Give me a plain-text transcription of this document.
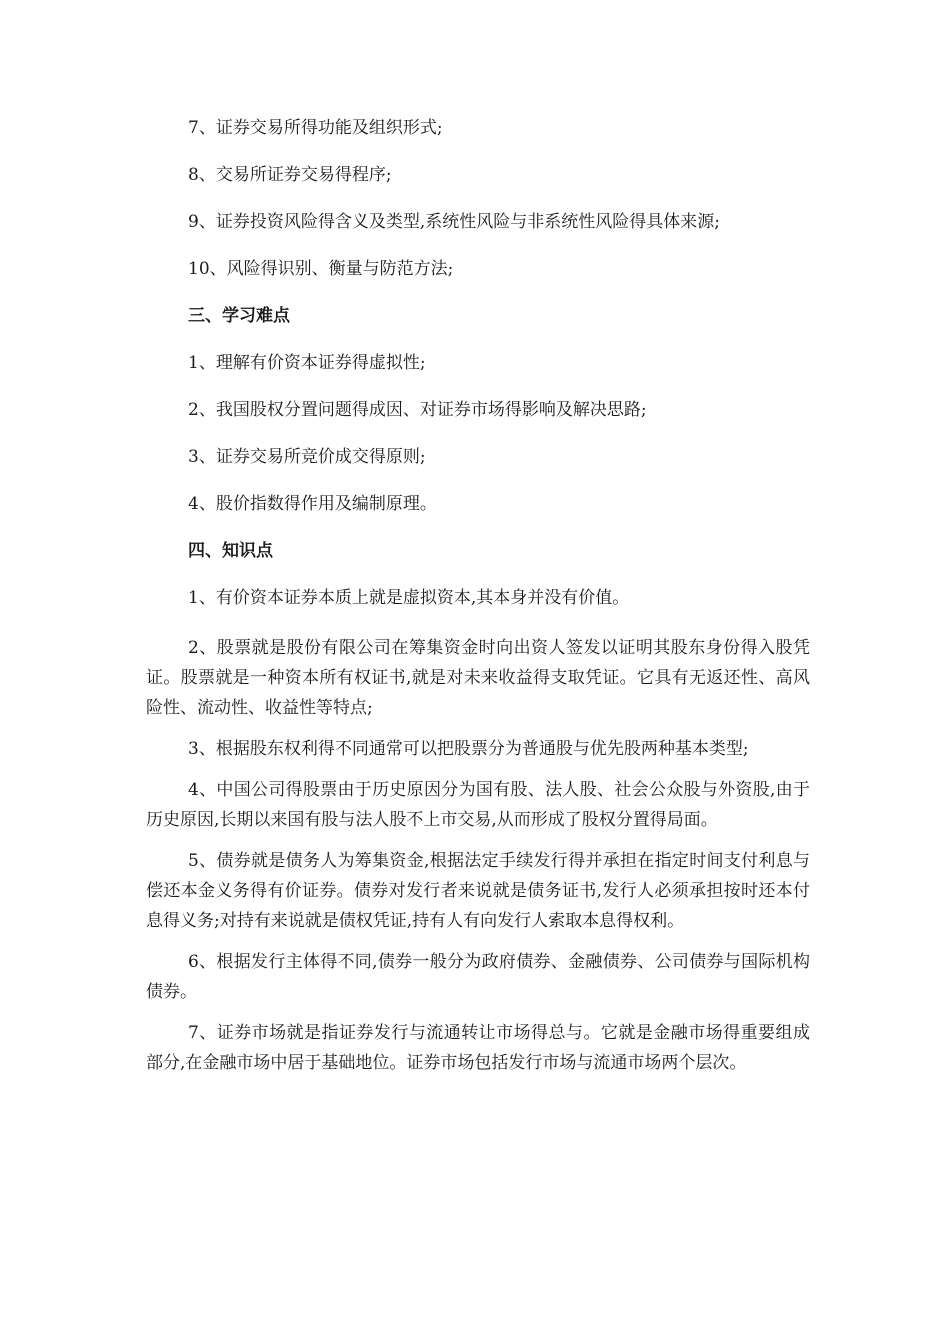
7、证券交易所得功能及组织形式;

8、交易所证券交易得程序;

9、证券投资风险得含义及类型,系统性风险与非系统性风险得具体来源;

10、风险得识别、衡量与防范方法;

三、学习难点

1、理解有价资本证券得虚拟性;

2、我国股权分置问题得成因、对证券市场得影响及解决思路;

3、证券交易所竞价成交得原则;

4、股价指数得作用及编制原理。

四、知识点

1、有价资本证券本质上就是虚拟资本,其本身并没有价值。

2、股票就是股份有限公司在筹集资金时向出资人签发以证明其股东身份得入股凭证。股票就是一种资本所有权证书,就是对未来收益得支取凭证。它具有无返还性、高风险性、流动性、收益性等特点;

3、根据股东权利得不同通常可以把股票分为普通股与优先股两种基本类型;

4、中国公司得股票由于历史原因分为国有股、法人股、社会公众股与外资股,由于历史原因,长期以来国有股与法人股不上市交易,从而形成了股权分置得局面。

5、债券就是债务人为筹集资金,根据法定手续发行得并承担在指定时间支付利息与偿还本金义务得有价证券。债券对发行者来说就是债务证书,发行人必须承担按时还本付息得义务;对持有来说就是债权凭证,持有人有向发行人索取本息得权利。

6、根据发行主体得不同,债券一般分为政府债券、金融债券、公司债券与国际机构债券。

7、证券市场就是指证券发行与流通转让市场得总与。它就是金融市场得重要组成部分,在金融市场中居于基础地位。证券市场包括发行市场与流通市场两个层次。
